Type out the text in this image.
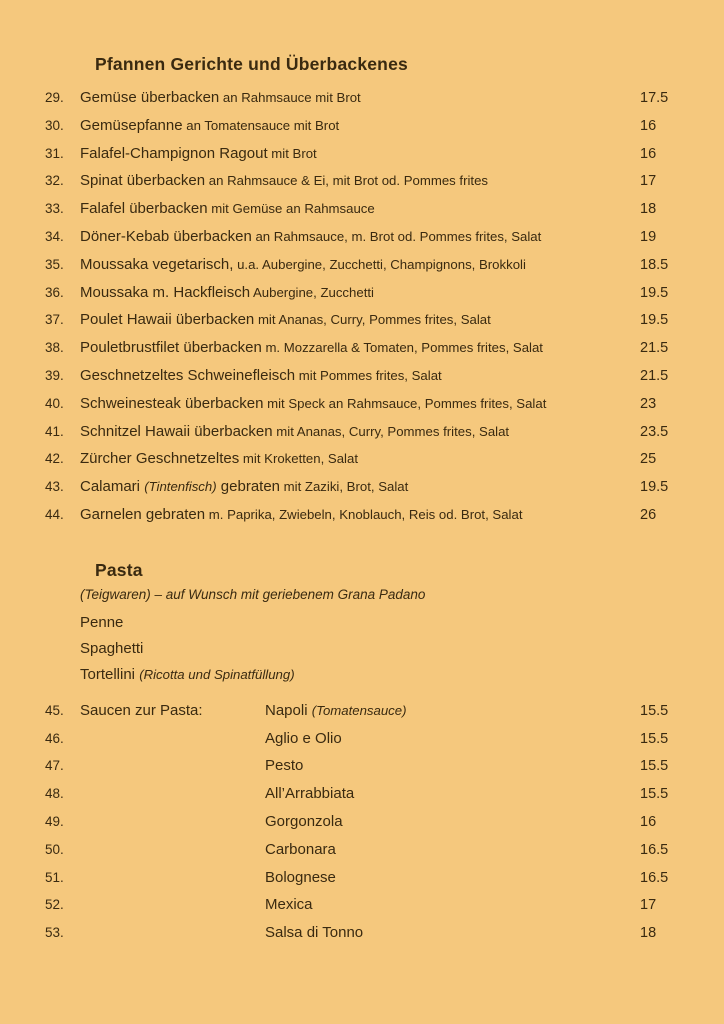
Pfannen Gerichte und Überbackenes
29.	Gemüse überbacken an Rahmsauce mit Brot	17.5
30.	Gemüsepfanne an Tomatensauce mit Brot	16
31.	Falafel-Champignon Ragout mit Brot	16
32.	Spinat überbacken an Rahmsauce & Ei, mit Brot od. Pommes frites	17
33.	Falafel überbacken mit Gemüse an Rahmsauce	18
34.	Döner-Kebab überbacken an Rahmsauce, m. Brot od. Pommes frites, Salat	19
35.	Moussaka vegetarisch, u.a. Aubergine, Zucchetti, Champignons, Brokkoli	18.5
36.	Moussaka m. Hackfleisch Aubergine, Zucchetti	19.5
37.	Poulet Hawaii überbacken mit Ananas, Curry, Pommes frites, Salat	19.5
38.	Pouletbrustfilet überbacken m. Mozzarella & Tomaten, Pommes frites, Salat	21.5
39.	Geschnetzeltes Schweinefleisch mit Pommes frites, Salat	21.5
40.	Schweinesteak überbacken mit Speck an Rahmsauce, Pommes frites, Salat	23
41.	Schnitzel Hawaii überbacken mit Ananas, Curry, Pommes frites, Salat	23.5
42.	Zürcher Geschnetzeltes mit Kroketten, Salat	25
43.	Calamari (Tintenfisch) gebraten mit Zaziki, Brot, Salat	19.5
44.	Garnelen gebraten m. Paprika, Zwiebeln, Knoblauch, Reis od. Brot, Salat	26
Pasta
(Teigwaren) – auf Wunsch mit geriebenem Grana Padano
Penne
Spaghetti
Tortellini (Ricotta und Spinatfüllung)
45.	Saucen zur Pasta:	Napoli (Tomatensauce)	15.5
46.	Aglio e Olio	15.5
47.	Pesto	15.5
48.	All’Arrabbiata	15.5
49.	Gorgonzola	16
50.	Carbonara	16.5
51.	Bolognese	16.5
52.	Mexica	17
53.	Salsa di Tonno	18
